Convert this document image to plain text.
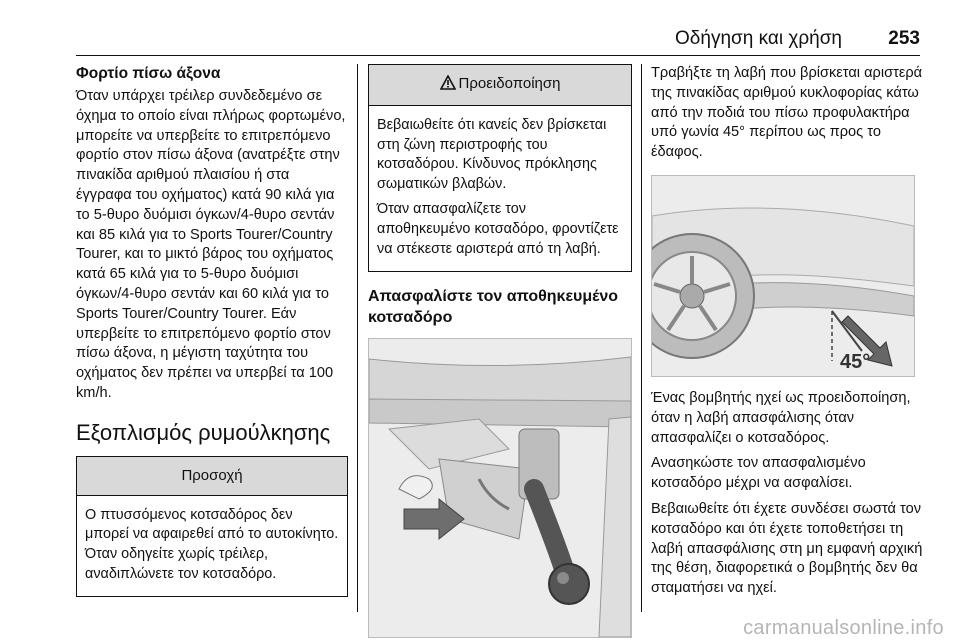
Οδήγηση και χρήση 253
Φορτίο πίσω άξονα

Όταν υπάρχει τρέιλερ συνδεδεμένο σε όχημα το οποίο είναι πλήρως φορτωμένο, μπορείτε να υπερβείτε το επιτρεπόμενο φορτίο στον πίσω άξονα (ανατρέξτε στην πινακίδα αριθμού πλαισίου ή στα έγγραφα του οχήματος) κατά 90 κιλά για το 5-θυρο δυόμισι όγκων/4-θυρο σεντάν και 85 κιλά για το Sports Tourer/Country Tourer, και το μικτό βάρος του οχήματος κατά 65 κιλά για το 5-θυρο δυόμισι όγκων/4-θυρο σεντάν και 60 κιλά για το Sports Tourer/Country Tourer. Εάν υπερβείτε το επιτρεπόμενο φορτίο στον πίσω άξονα, η μέγιστη ταχύτητα του οχήματος δεν πρέπει να υπερβεί τα 100 km/h.

Εξοπλισμός ρυμούλκησης
Προσοχή

Ο πτυσσόμενος κοτσαδόρος δεν μπορεί να αφαιρεθεί από το αυτοκίνητο. Όταν οδηγείτε χωρίς τρέιλερ, αναδιπλώνετε τον κοτσαδόρο.

Προειδοποίηση

Βεβαιωθείτε ότι κανείς δεν βρίσκεται στη ζώνη περιστροφής του κοτσαδόρου. Κίνδυνος πρόκλησης σωματικών βλαβών.

Όταν απασφαλίζετε τον αποθηκευμένο κοτσαδόρο, φροντίζετε να στέκεστε αριστερά από τη λαβή.

Απασφαλίστε τον αποθηκευμένο κοτσαδόρο

Τραβήξτε τη λαβή που βρίσκεται αριστερά της πινακίδας αριθμού κυκλοφορίας κάτω από την ποδιά του πίσω προφυλακτήρα υπό γωνία 45° περίπου ως προς το έδαφος.

45°

Ένας βομβητής ηχεί ως προειδοποίηση, όταν η λαβή απασφάλισης όταν απασφαλίζει ο κοτσαδόρος.

Ανασηκώστε τον απασφαλισμένο κοτσαδόρο μέχρι να ασφαλίσει.

Βεβαιωθείτε ότι έχετε συνδέσει σωστά τον κοτσαδόρο και ότι έχετε τοποθετήσει τη λαβή απασφάλισης στη μη εμφανή αρχική της θέση, διαφορετικά ο βομβητής δεν θα σταματήσει να ηχεί.

carmanualsonline.info
